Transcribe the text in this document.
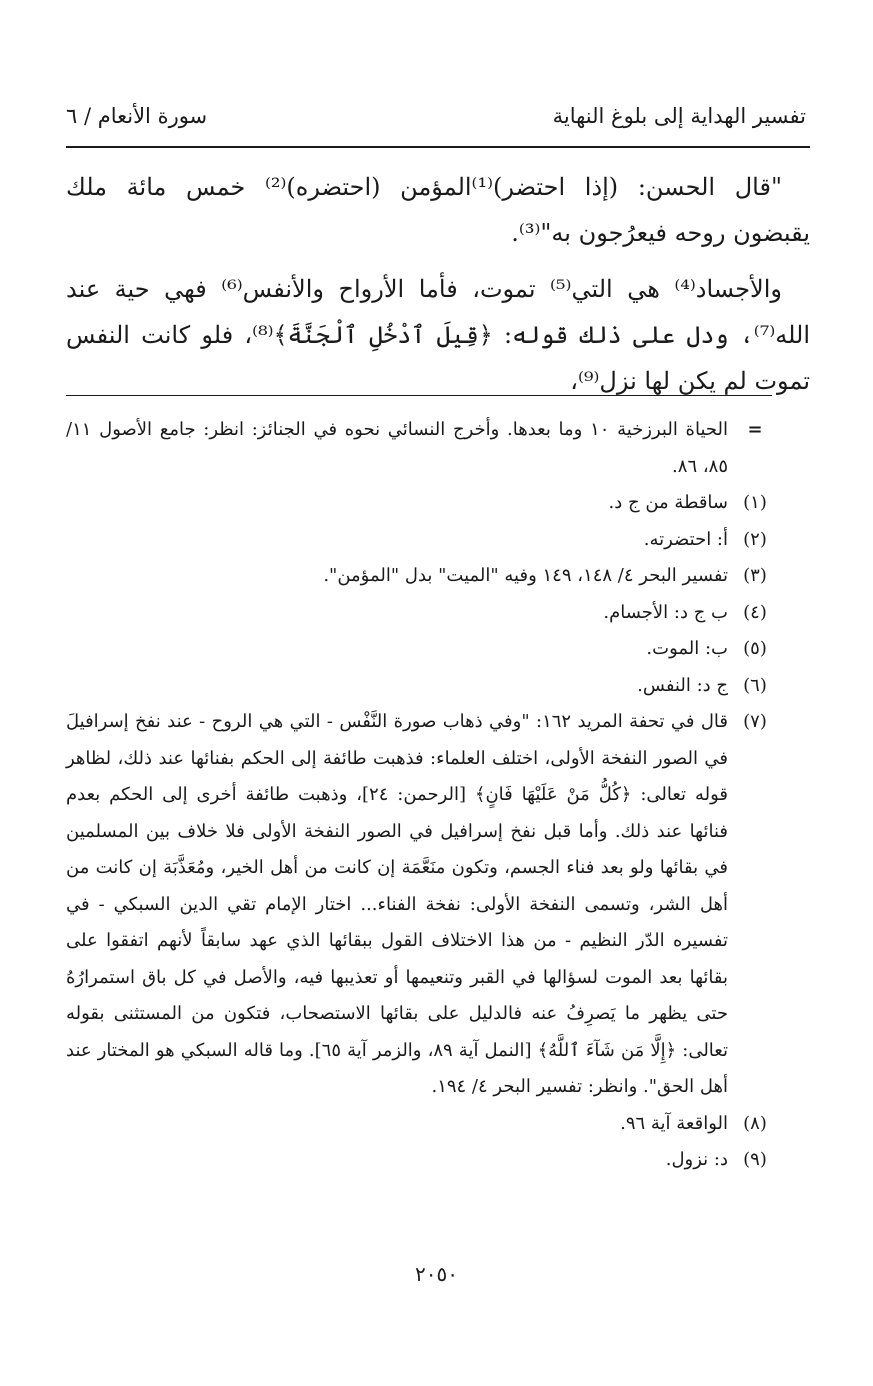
تفسير الهداية إلى بلوغ النهاية
سورة الأنعام / ٦

"قال الحسن: (إذا احتضر)⁽¹⁾المؤمن (احتضره)⁽²⁾ خمس مائة ملك يقبضون روحه فيعرُجون به"⁽³⁾.

والأجساد⁽⁴⁾ هي التي⁽⁵⁾ تموت، فأما الأرواح والأنفس⁽⁶⁾ فهي حية عند الله⁽⁷⁾، ودل على ذلك قوله: ﴿قِيلَ ٱدْخُلِ ٱلْجَنَّةَ﴾⁽⁸⁾، فلو كانت النفس تموت لم يكن لها نزل⁽⁹⁾،

=
الحياة البرزخية ١٠ وما بعدها. وأخرج النسائي نحوه في الجنائز: انظر: جامع الأصول ١١/ ٨٥، ٨٦.
(١)
ساقطة من ج د.
(٢)
أ: احتضرته.
(٣)
تفسير البحر ٤/ ١٤٨، ١٤٩ وفيه "الميت" بدل "المؤمن".
(٤)
ب ج د: الأجسام.
(٥)
ب: الموت.
(٦)
ج د: النفس.
(٧)
قال في تحفة المريد ١٦٢: "وفي ذهاب صورة النَّفْس - التي هي الروح - عند نفخ إسرافيلَ في الصور النفخة الأولى، اختلف العلماء: فذهبت طائفة إلى الحكم بفنائها عند ذلك، لظاهر قوله تعالى: ﴿كُلُّ مَنْ عَلَيْهَا فَانٍ﴾ [الرحمن: ٢٤]، وذهبت طائفة أخرى إلى الحكم بعدم فنائها عند ذلك. وأما قبل نفخ إسرافيل في الصور النفخة الأولى فلا خلاف بين المسلمين في بقائها ولو بعد فناء الجسم، وتكون منَعَّمَة إن كانت من أهل الخير، ومُعَذَّبَة إن كانت من أهل الشر، وتسمى النفخة الأولى: نفخة الفناء... اختار الإمام تقي الدين السبكي - في تفسيره الدّر النظيم - من هذا الاختلاف القول ببقائها الذي عهد سابقاً لأنهم اتفقوا على بقائها بعد الموت لسؤالها في القبر وتنعيمها أو تعذيبها فيه، والأصل في كل باق استمرارُهُ حتى يظهر ما يَصرِفُ عنه فالدليل على بقائها الاستصحاب، فتكون من المستثنى بقوله تعالى: ﴿إِلَّا مَن شَآءَ ٱللَّهُ﴾ [النمل آية ٨٩، والزمر آية ٦٥]. وما قاله السبكي هو المختار عند أهل الحق". وانظر: تفسير البحر ٤/ ١٩٤.
(٨)
الواقعة آية ٩٦.
(٩)
د: نزول.
٢٠٥٠
